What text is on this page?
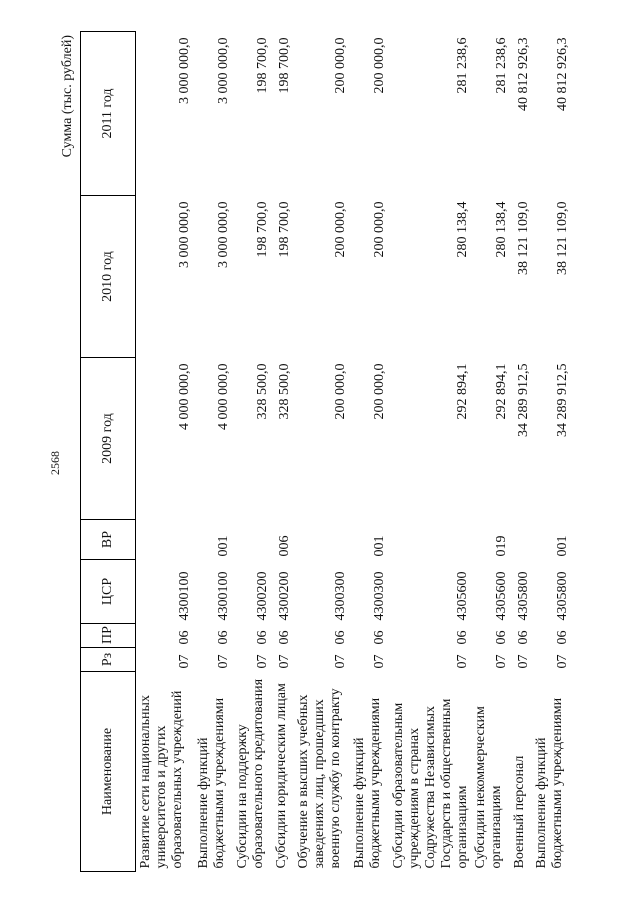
2568
Сумма (тыс. рублей)
Наименование	Рз	ПР	ЦСР	ВР	2009 год	2010 год	2011 год
Развитие сети национальных университетов и других образовательных учреждений	07	06	4300100		4 000 000,0	3 000 000,0	3 000 000,0
Выполнение функций бюджетными учреждениями	07	06	4300100	001	4 000 000,0	3 000 000,0	3 000 000,0
Субсидии на поддержку образовательного кредитования	07	06	4300200		328 500,0	198 700,0	198 700,0
Субсидии юридическим лицам	07	06	4300200	006	328 500,0	198 700,0	198 700,0
Обучение в высших учебных заведениях лиц, прошедших военную службу по контракту	07	06	4300300		200 000,0	200 000,0	200 000,0
Выполнение функций бюджетными учреждениями	07	06	4300300	001	200 000,0	200 000,0	200 000,0
Субсидии образовательным учреждениям в странах Содружества Независимых Государств и общественным организациям	07	06	4305600		292 894,1	280 138,4	281 238,6
Субсидии некоммерческим организациям	07	06	4305600	019	292 894,1	280 138,4	281 238,6
Военный персонал	07	06	4305800		34 289 912,5	38 121 109,0	40 812 926,3
Выполнение функций бюджетными учреждениями	07	06	4305800	001	34 289 912,5	38 121 109,0	40 812 926,3
